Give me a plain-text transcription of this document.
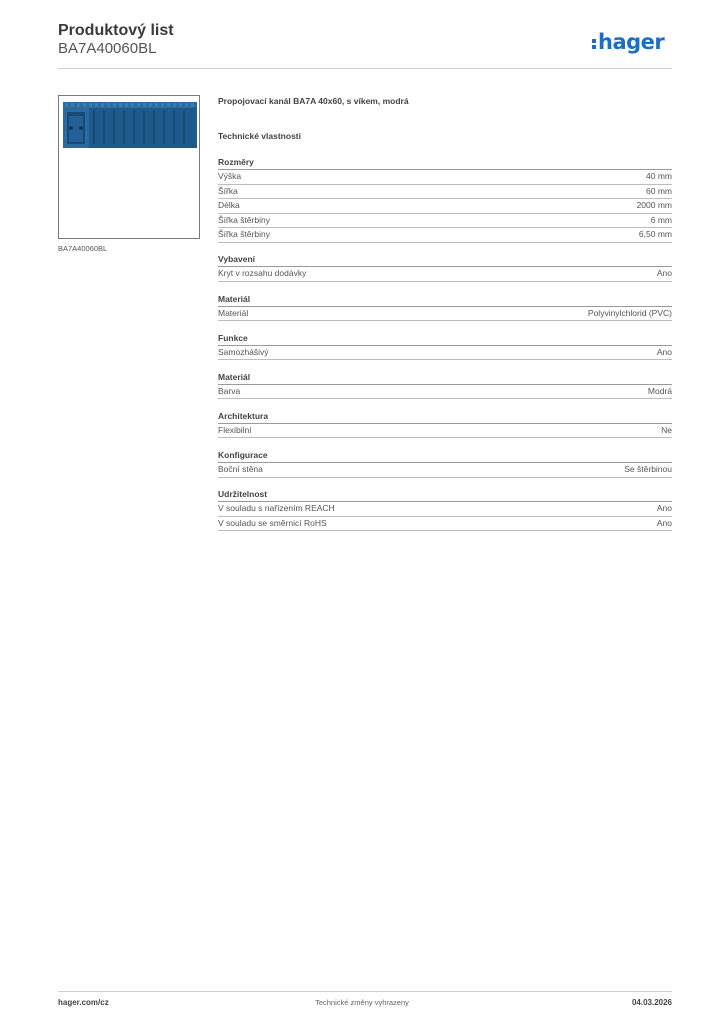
Produktový list
BA7A40060BL	hager
BA7A40060BL
Propojovací kanál BA7A 40x60, s víkem, modrá
Technické vlastnosti
Rozměry
Výška	40 mm
Šířka	60 mm
Délka	2000 mm
Šířka štěrbiny	6 mm
Šířka štěrbiny	6,50 mm
Vybavení
Kryt v rozsahu dodávky	Ano
Materiál
Materiál	Polyvinylchlorid (PVC)
Funkce
Samozhášivý	Ano
Materiál
Barva	Modrá
Architektura
Flexibilní	Ne
Konfigurace
Boční stěna	Se štěrbinou
Udržitelnost
V souladu s nařízením REACH	Ano
V souladu se směrnicí RoHS	Ano
hager.com/cz	Technické změny vyhrazeny	04.03.2026
